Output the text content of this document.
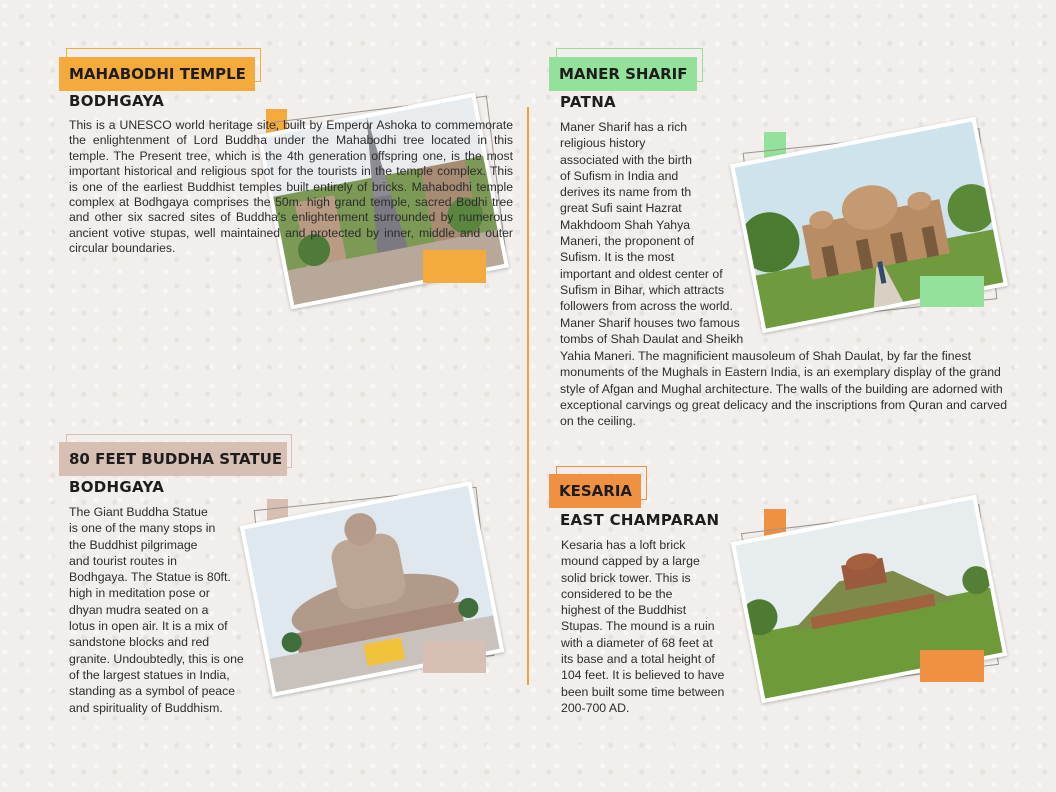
MAHABODHI TEMPLE
BODHGAYA
This is a UNESCO world heritage site, built by Emperor Ashoka to commemorate the enlightenment of Lord Buddha under the Mahabodhi tree located in this temple. The Present tree, which is the 4th generation offspring one, is the most important historical and religious spot for the tourists in the temple complex. This is one of the earliest Buddhist temples built entirely of bricks. Mahabodhi temple complex at Bodhgaya comprises the 50m. high grand temple, sacred Bodhi tree and other six sacred sites of Buddha's enlightenment surrounded by numerous ancient votive stupas, well maintained and protected by inner, middle and outer circular boundaries.
MANER SHARIF
PATNA
Maner Sharif has a rich
religious history
associated with the birth
of Sufism in India and
derives its name from th
great Sufi saint Hazrat
Makhdoom Shah Yahya
Maneri, the proponent of
Sufism. It is the most
important and oldest center of
Sufism in Bihar, which attracts
followers from across the world.
Maner Sharif houses two famous
tombs of Shah Daulat and Sheikh
Yahia Maneri. The magnificient mausoleum of Shah Daulat, by far the finest monuments of the Mughals in Eastern India, is an exemplary display of the grand style of Afgan and Mughal architecture. The walls of the building are adorned with exceptional carvings og great delicacy and the inscriptions from Quran and carved on the ceiling.
80 FEET BUDDHA STATUE
BODHGAYA
The Giant Buddha Statue
is one of the many stops in
the Buddhist pilgrimage
and tourist routes in
Bodhgaya. The Statue is 80ft.
high in meditation pose or
dhyan mudra seated on a
lotus in open air. It is a mix of
sandstone blocks and red
granite. Undoubtedly, this is one
of the largest statues in India,
standing as a symbol of peace
and spirituality of Buddhism.
KESARIA
EAST CHAMPARAN
Kesaria has a loft brick
mound capped by a large
solid brick tower. This is
considered to be the
highest of the Buddhist
Stupas. The mound is a ruin
with a diameter of 68 feet at
its base and a total height of
104 feet. It is believed to have
been built some time between
200-700 AD.
